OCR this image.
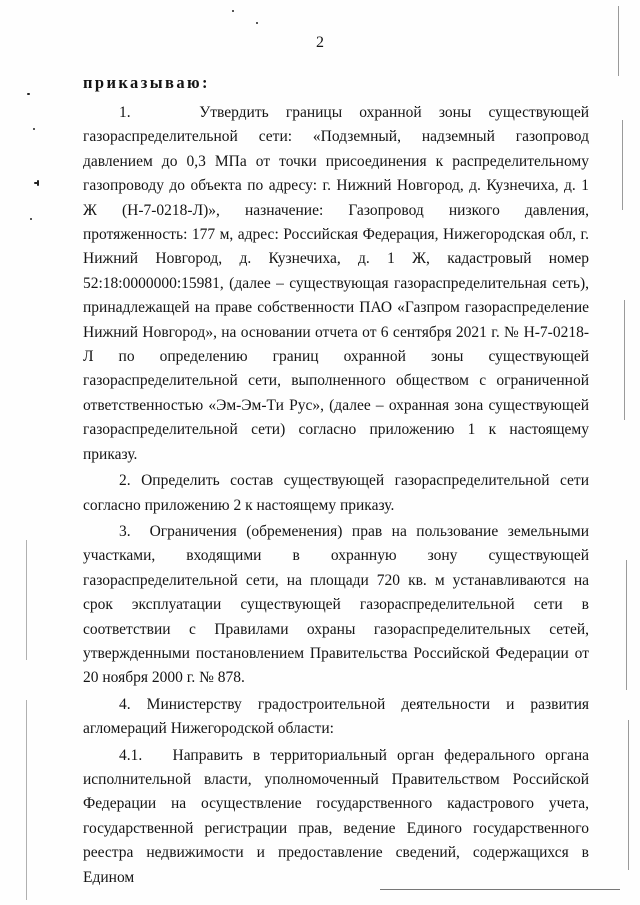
2
приказываю:

1.    Утвердить границы охранной зоны существующей газораспределительной сети: «Подземный, надземный газопровод давлением до 0,3 МПа от точки присоединения к распределительному газопроводу до объекта по адресу: г. Нижний Новгород, д. Кузнечиха, д. 1 Ж (Н-7-0218-Л)», назначение: Газопровод низкого давления, протяженность: 177 м, адрес: Российская Федерация, Нижегородская обл, г. Нижний Новгород, д. Кузнечиха, д. 1 Ж, кадастровый номер 52:18:0000000:15981, (далее – существующая газораспределительная сеть), принадлежащей на праве собственности ПАО «Газпром газораспределение Нижний Новгород», на основании отчета от 6 сентября 2021 г. № Н-7-0218-Л по определению границ охранной зоны существующей газораспределительной сети, выполненного обществом с ограниченной ответственностью «Эм-Эм-Ти Рус», (далее – охранная зона существующей газораспределительной сети) согласно приложению 1 к настоящему приказу.

2. Определить состав существующей газораспределительной сети согласно приложению 2 к настоящему приказу.

3.  Ограничения (обременения) прав на пользование земельными участками, входящими в охранную зону существующей газораспределительной сети, на площади 720 кв. м устанавливаются на срок эксплуатации существующей газораспределительной сети в соответствии с Правилами охраны газораспределительных сетей, утвержденными постановлением Правительства Российской Федерации от 20 ноября 2000 г. № 878.

4. Министерству градостроительной деятельности и развития агломераций Нижегородской области:

4.1.   Направить в территориальный орган федерального органа исполнительной власти, уполномоченный Правительством Российской Федерации на осуществление государственного кадастрового учета, государственной регистрации прав, ведение Единого государственного реестра недвижимости и предоставление сведений, содержащихся в Едином
